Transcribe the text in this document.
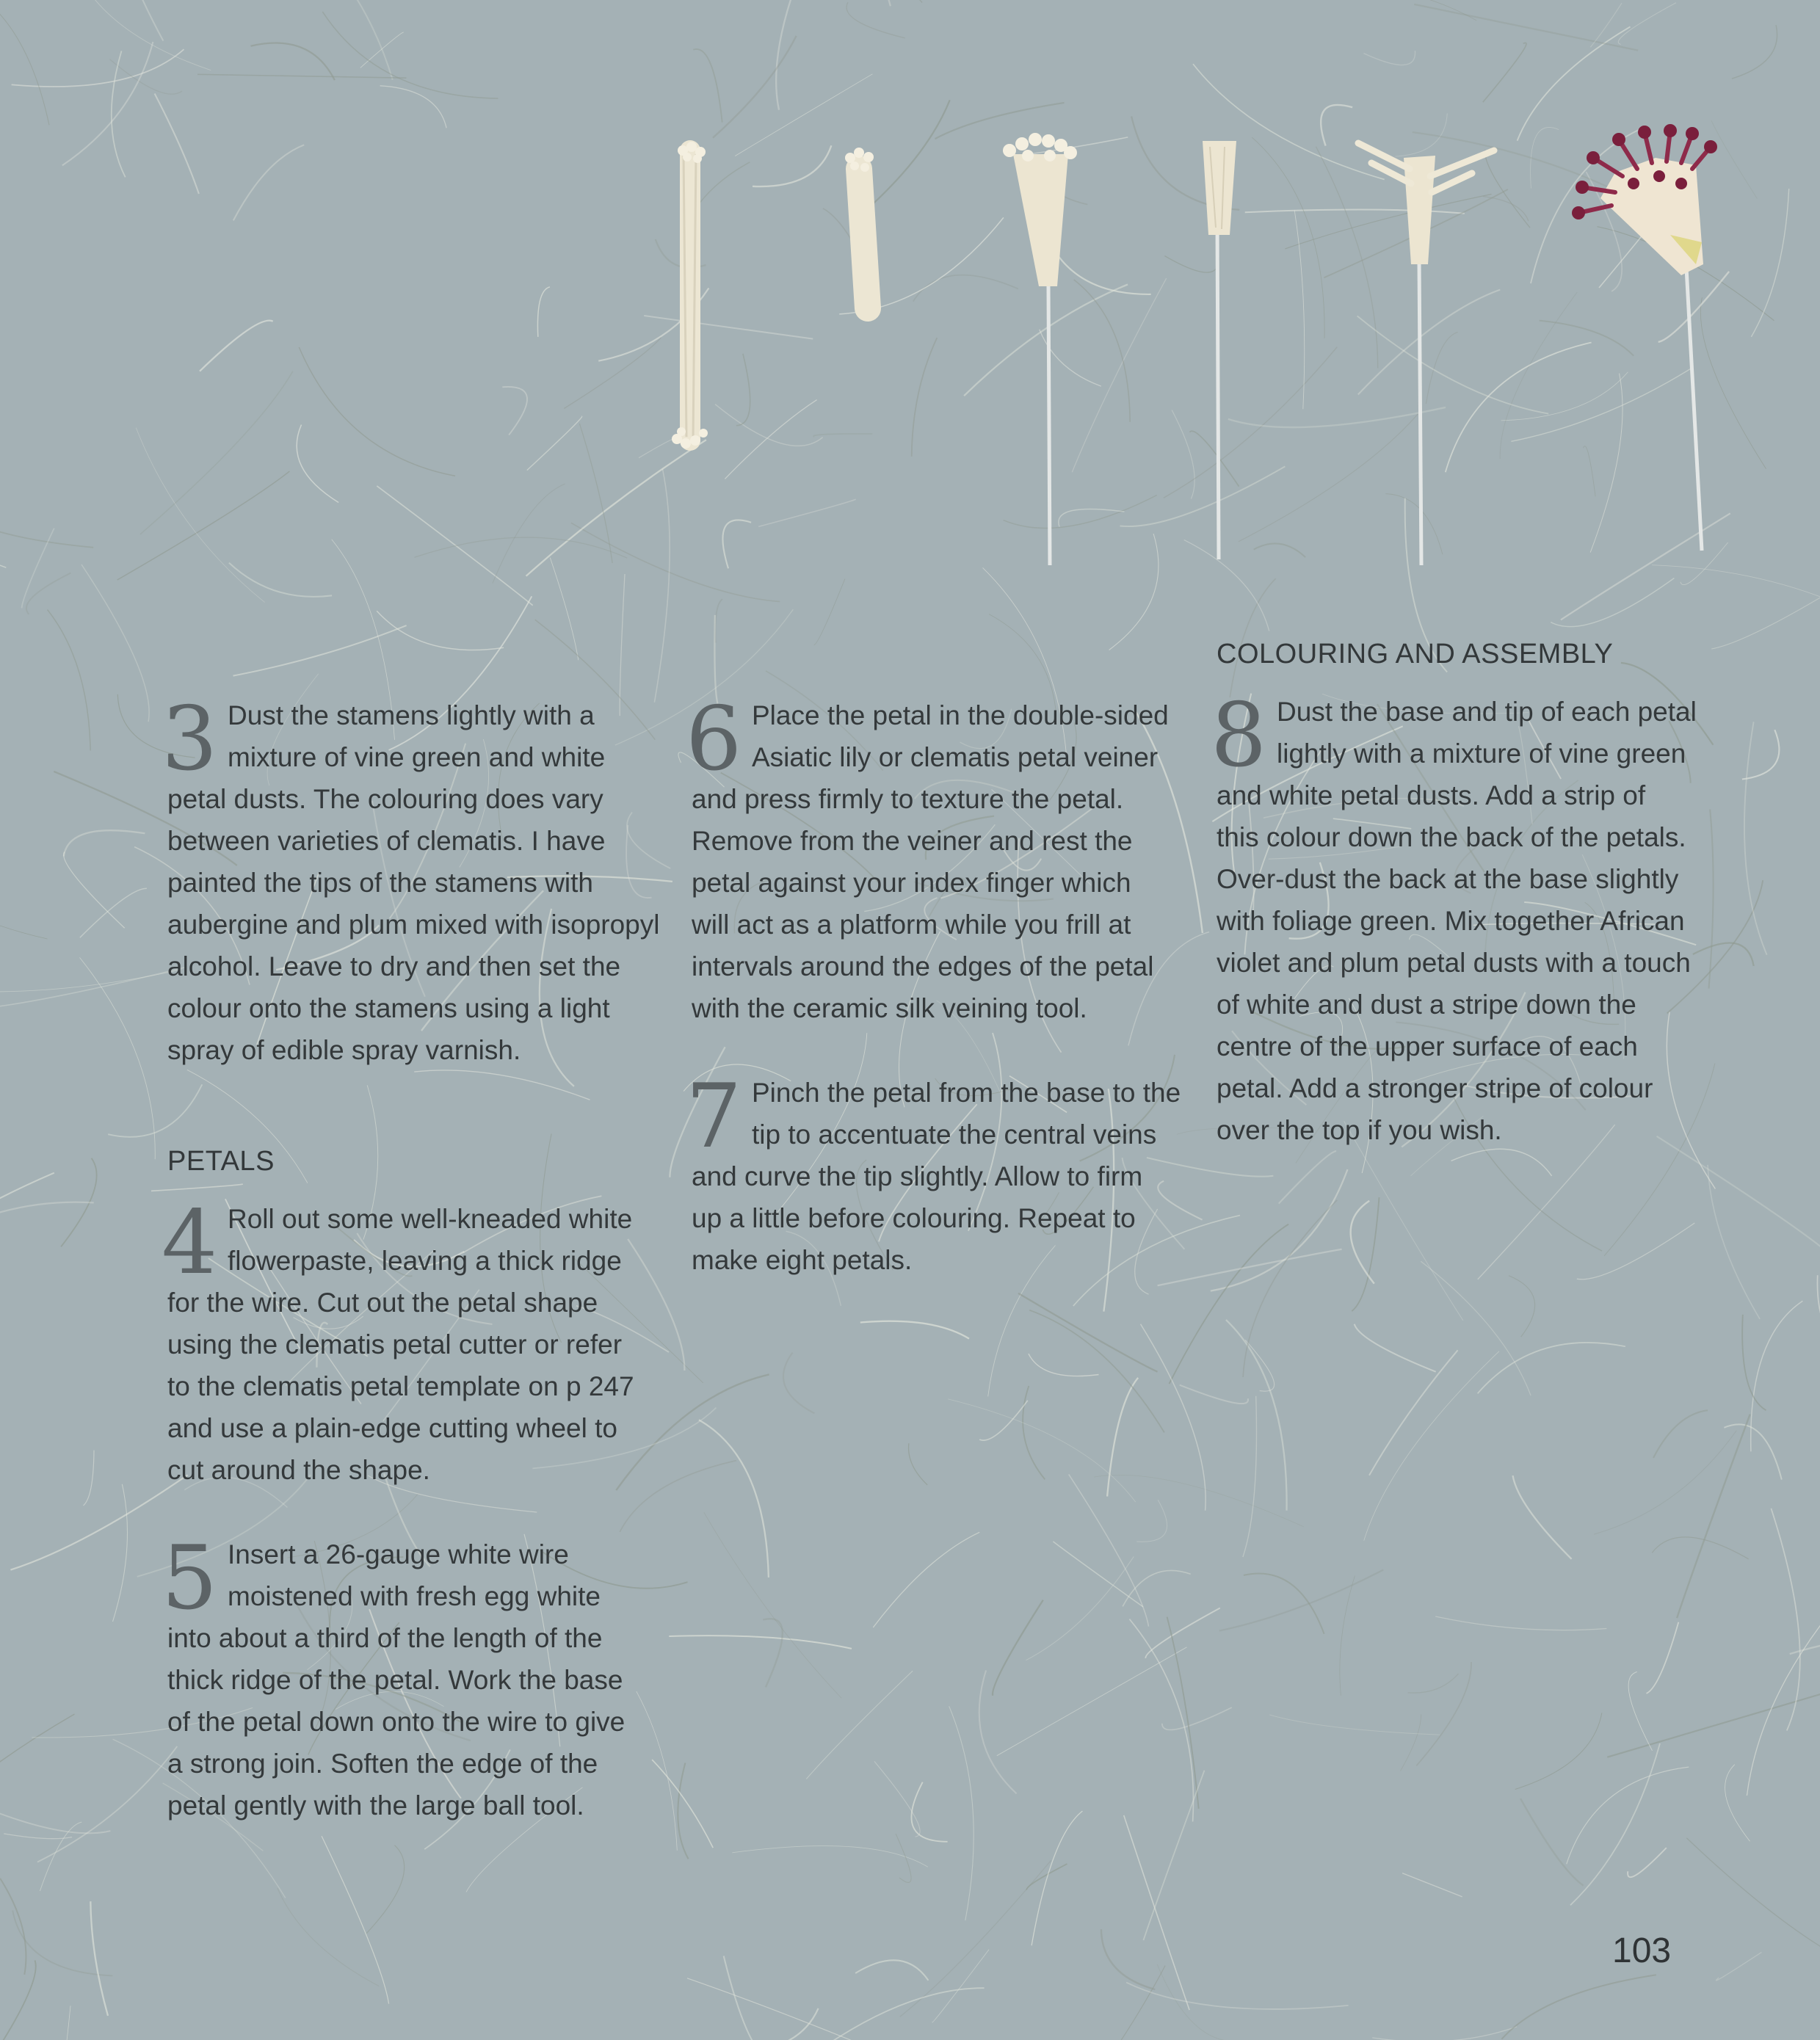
3 Dust the stamens lightly with a
mixture of vine green and white
petal dusts. The colouring does vary
between varieties of clematis. I have
painted the tips of the stamens with
aubergine and plum mixed with isopropyl
alcohol. Leave to dry and then set the
colour onto the stamens using a light
spray of edible spray varnish.
PETALS
4 Roll out some well-kneaded white
flowerpaste, leaving a thick ridge
for the wire. Cut out the petal shape
using the clematis petal cutter or refer
to the clematis petal template on p 247
and use a plain-edge cutting wheel to
cut around the shape.
5 Insert a 26-gauge white wire
moistened with fresh egg white
into about a third of the length of the
thick ridge of the petal. Work the base
of the petal down onto the wire to give
a strong join. Soften the edge of the
petal gently with the large ball tool.
6 Place the petal in the double-sided
Asiatic lily or clematis petal veiner
and press firmly to texture the petal.
Remove from the veiner and rest the
petal against your index finger which
will act as a platform while you frill at
intervals around the edges of the petal
with the ceramic silk veining tool.
7 Pinch the petal from the base to the
tip to accentuate the central veins
and curve the tip slightly. Allow to firm
up a little before colouring. Repeat to
make eight petals.
COLOURING AND ASSEMBLY
8 Dust the base and tip of each petal
lightly with a mixture of vine green
and white petal dusts. Add a strip of
this colour down the back of the petals.
Over-dust the back at the base slightly
with foliage green. Mix together African
violet and plum petal dusts with a touch
of white and dust a stripe down the
centre of the upper surface of each
petal. Add a stronger stripe of colour
over the top if you wish.
103
